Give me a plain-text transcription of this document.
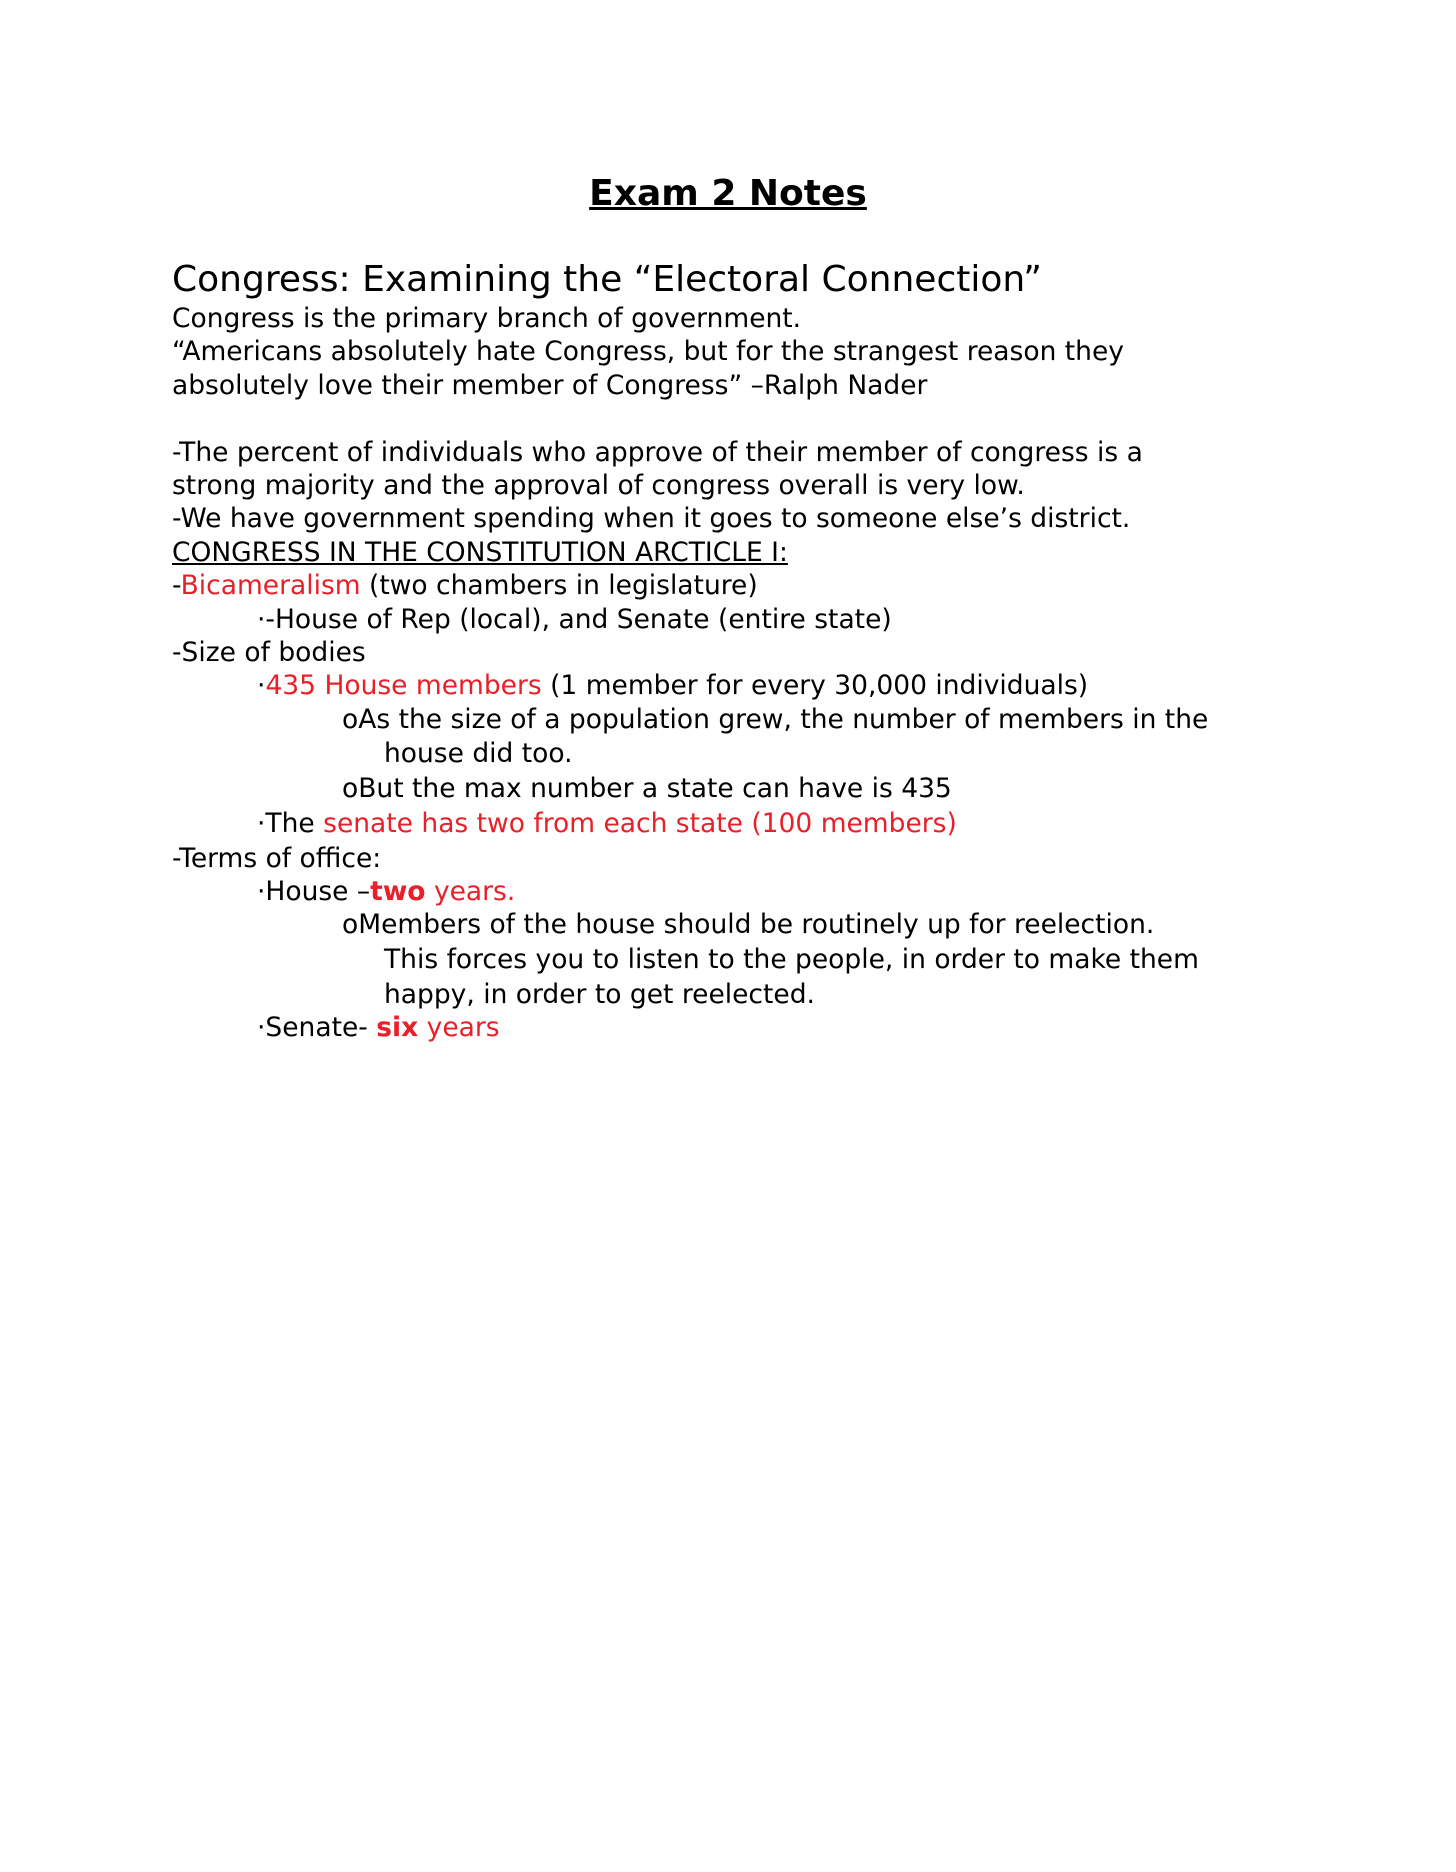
Exam 2 Notes
Congress: Examining the “Electoral Connection”
Congress is the primary branch of government.
“Americans absolutely hate Congress, but for the strangest reason they
absolutely love their member of Congress” –Ralph Nader
-The percent of individuals who approve of their member of congress is a
strong majority and the approval of congress overall is very low.
-We have government spending when it goes to someone else’s district.
CONGRESS IN THE CONSTITUTION ARCTICLE I:
-Bicameralism (two chambers in legislature)
·-House of Rep (local), and Senate (entire state)
-Size of bodies
·435 House members (1 member for every 30,000 individuals)
oAs the size of a population grew, the number of members in the
house did too.
oBut the max number a state can have is 435
·The senate has two from each state (100 members)
-Terms of office:
·House –two years.
oMembers of the house should be routinely up for reelection.
This forces you to listen to the people, in order to make them
happy, in order to get reelected.
·Senate- six years
